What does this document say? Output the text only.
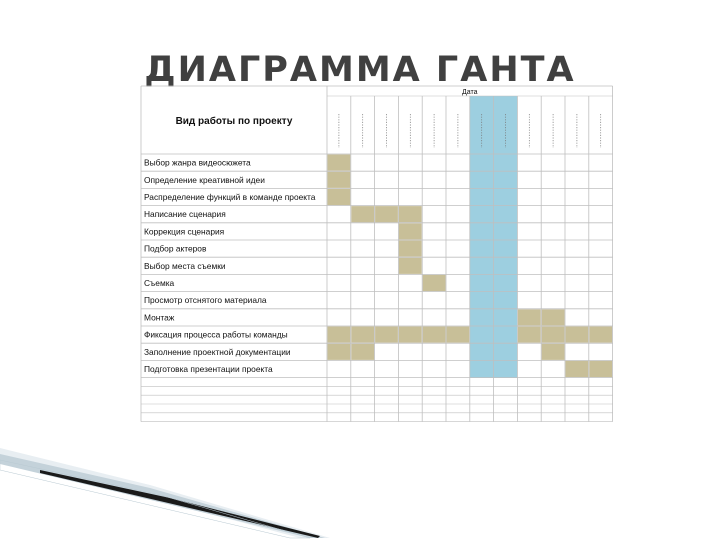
ДИАГРАММА ГАНТА
Вид работы по проекту
Дата
Выбор жанра видеосюжета
Определение креативной идеи
Распределение функций в команде проекта
Написание сценария
Коррекция сценария
Подбор актеров
Выбор места съемки
Съемка
Просмотр отснятого материала
Монтаж
Фиксация процесса работы команды
Заполнение проектной документации
Подготовка презентации проекта
